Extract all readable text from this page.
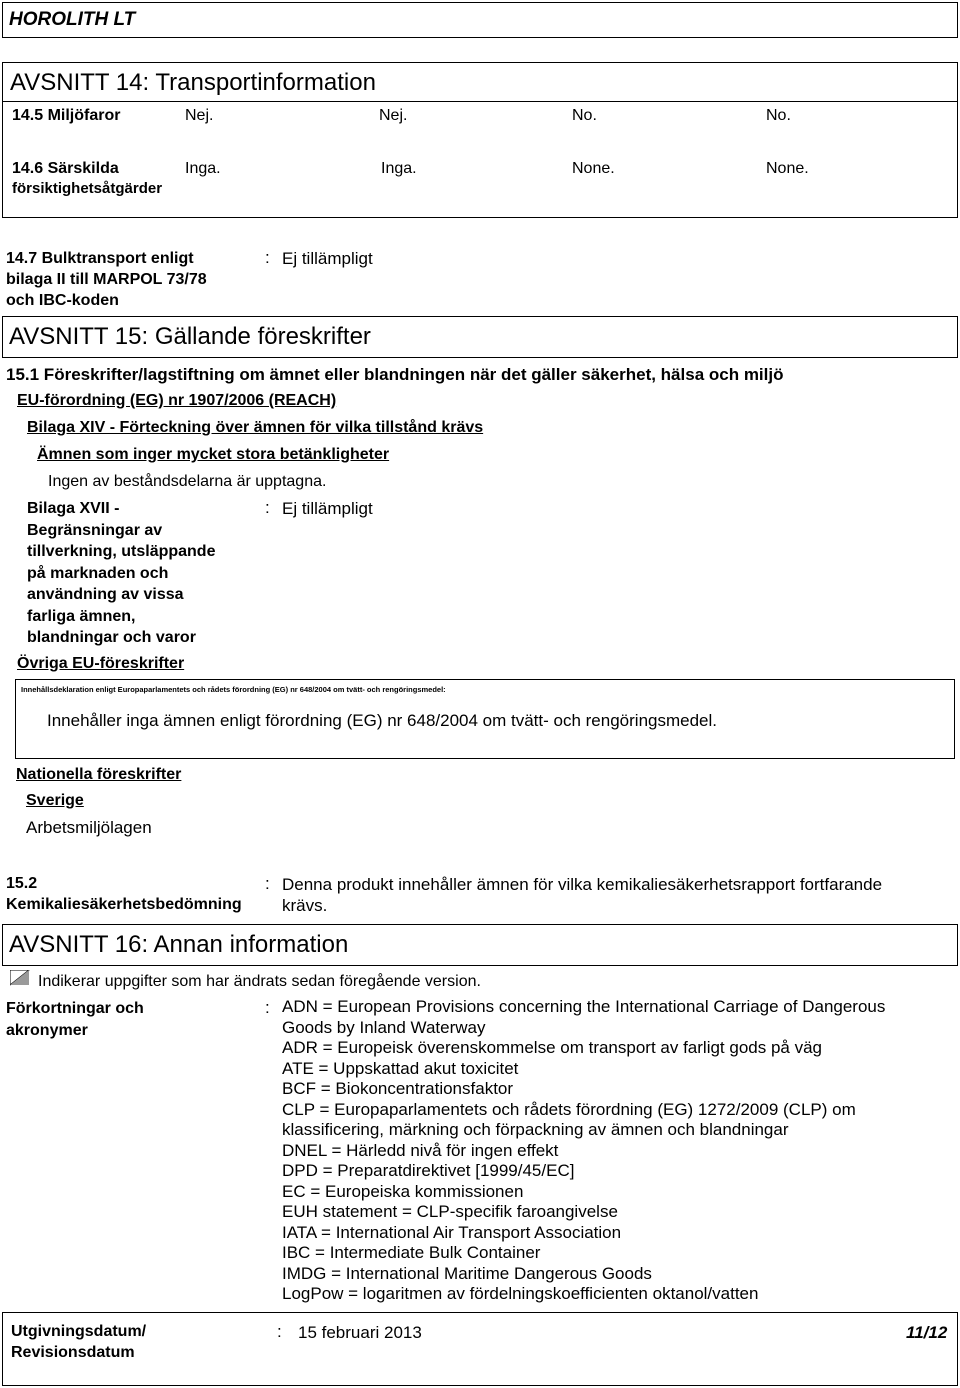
HOROLITH LT
AVSNITT 14: Transportinformation
14.5 Miljöfaror	Nej.	Nej.	No.	No.
14.6 Särskilda
försiktighetsåtgärder
Inga.	Inga.	None.	None.
14.7 Bulktransport enligt
bilaga II till MARPOL 73/78
och IBC-koden
: Ej tillämpligt
AVSNITT 15: Gällande föreskrifter
15.1 Föreskrifter/lagstiftning om ämnet eller blandningen när det gäller säkerhet, hälsa och miljö
EU-förordning (EG) nr 1907/2006 (REACH)
Bilaga XIV - Förteckning över ämnen för vilka tillstånd krävs
Ämnen som inger mycket stora betänkligheter
Ingen av beståndsdelarna är upptagna.
Bilaga XVII -
Begränsningar av
tillverkning, utsläppande
på marknaden och
användning av vissa
farliga ämnen,
blandningar och varor
: Ej tillämpligt
Övriga EU-föreskrifter
Innehållsdeklaration enligt Europaparlamentets och rådets förordning (EG) nr 648/2004 om tvätt- och rengöringsmedel:
Innehåller inga ämnen enligt förordning (EG) nr 648/2004 om tvätt- och rengöringsmedel.
Nationella föreskrifter
Sverige
Arbetsmiljölagen
15.2
Kemikaliesäkerhetsbedömning
: Denna produkt innehåller ämnen för vilka kemikaliesäkerhetsrapport fortfarande
krävs.
AVSNITT 16: Annan information
Indikerar uppgifter som har ändrats sedan föregående version.
Förkortningar och
akronymer
: ADN = European Provisions concerning the International Carriage of Dangerous
Goods by Inland Waterway
ADR = Europeisk överenskommelse om transport av farligt gods på väg
ATE = Uppskattad akut toxicitet
BCF = Biokoncentrationsfaktor
CLP = Europaparlamentets och rådets förordning (EG) 1272/2009 (CLP) om
klassificering, märkning och förpackning av ämnen och blandningar
DNEL = Härledd nivå för ingen effekt
DPD = Preparatdirektivet [1999/45/EC]
EC = Europeiska kommissionen
EUH statement = CLP-specifik faroangivelse
IATA = International Air Transport Association
IBC = Intermediate Bulk Container
IMDG = International Maritime Dangerous Goods
LogPow = logaritmen av fördelningskoefficienten oktanol/vatten
Utgivningsdatum/
Revisionsdatum
: 15 februari 2013	11/12
